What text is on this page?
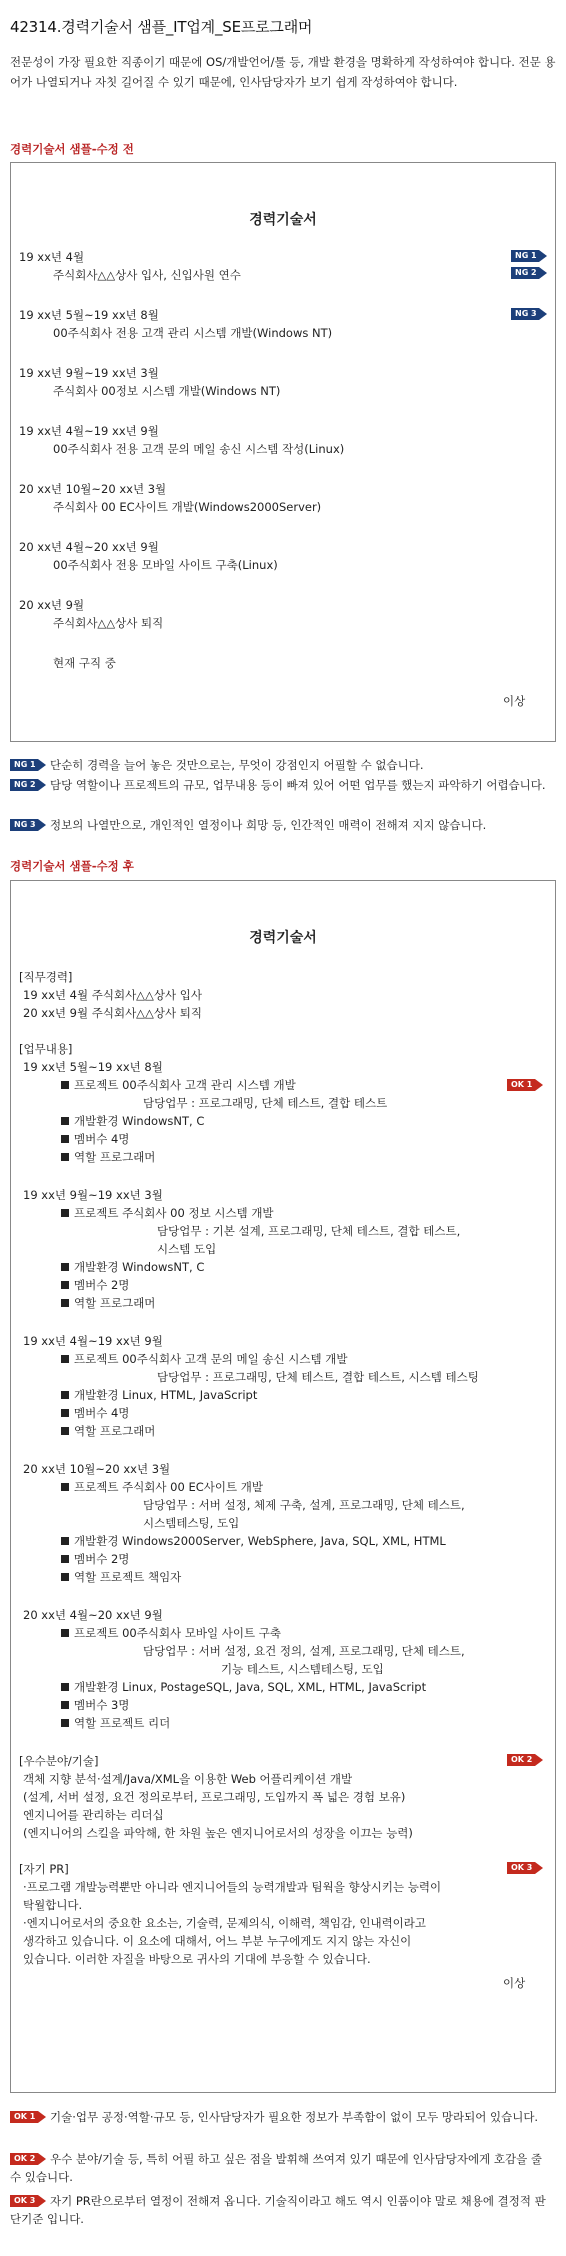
42314.경력기술서 샘플_IT업계_SE프로그래머
전문성이 가장 필요한 직종이기 때문에 OS/개발언어/툴 등, 개발 환경을 명확하게 작성하여야 합니다. 전문 용어가 나열되거나 자칫 길어질 수 있기 때문에, 인사담당자가 보기 쉽게 작성하여야 합니다.
경력기술서 샘플-수정 전
경력기술서
19 xx년 4월
주식회사△△상사 입사, 신입사원 연수
19 xx년 5월~19 xx년 8월
00주식회사 전용 고객 관리 시스템 개발(Windows NT)
19 xx년 9월~19 xx년 3월
주식회사 00정보 시스템 개발(Windows NT)
19 xx년 4월~19 xx년 9월
00주식회사 전용 고객 문의 메일 송신 시스템 작성(Linux)
20 xx년 10월~20 xx년 3월
주식회사 00 EC사이트 개발(Windows2000Server)
20 xx년 4월~20 xx년 9월
00주식회사 전용 모바일 사이트 구축(Linux)
20 xx년 9월
주식회사△△상사 퇴직
현재 구직 중
이상
NG 1
NG 2
NG 3
NG 1 단순히 경력을 늘어 놓은 것만으로는, 무엇이 강점인지 어필할 수 없습니다.
NG 2 담당 역할이나 프로젝트의 규모, 업무내용 등이 빠져 있어 어떤 업무를 했는지 파악하기 어렵습니다.
NG 3 정보의 나열만으로, 개인적인 열정이나 희망 등, 인간적인 매력이 전해져 지지 않습니다.
경력기술서 샘플-수정 후
경력기술서
[직무경력]
19 xx년 4월 주식회사△△상사 입사
20 xx년 9월 주식회사△△상사 퇴직
[업무내용]
19 xx년 5월~19 xx년 8월
프로젝트 00주식회사 고객 관리 시스템 개발
담당업무 : 프로그래밍, 단체 테스트, 결합 테스트
개발환경 WindowsNT, C
멤버수 4명
역할 프로그래머
19 xx년 9월~19 xx년 3월
프로젝트 주식회사 00 정보 시스템 개발
담당업무 : 기본 설계, 프로그래밍, 단체 테스트, 결합 테스트,
시스템 도입
개발환경 WindowsNT, C
멤버수 2명
역할 프로그래머
19 xx년 4월~19 xx년 9월
프로젝트 00주식회사 고객 문의 메일 송신 시스템 개발
담당업무 : 프로그래밍, 단체 테스트, 결합 테스트, 시스템 테스팅
개발환경 Linux, HTML, JavaScript
멤버수 4명
역할 프로그래머
20 xx년 10월~20 xx년 3월
프로젝트 주식회사 00 EC사이트 개발
담당업무 : 서버 설정, 체제 구축, 설계, 프로그래밍, 단체 테스트,
시스템테스팅, 도입
개발환경 Windows2000Server, WebSphere, Java, SQL, XML, HTML
멤버수 2명
역할 프로젝트 책임자
20 xx년 4월~20 xx년 9월
프로젝트 00주식회사 모바일 사이트 구축
담당업무 : 서버 설정, 요건 정의, 설계, 프로그래밍, 단체 테스트,
기능 테스트, 시스템테스팅, 도입
개발환경 Linux, PostageSQL, Java, SQL, XML, HTML, JavaScript
멤버수 3명
역할 프로젝트 리더
[우수분야/기술]
객체 지향 분석·설계/Java/XML을 이용한 Web 어플리케이션 개발
(설계, 서버 설정, 요건 정의로부터, 프로그래밍, 도입까지 폭 넓은 경험 보유)
엔지니어를 관리하는 리더십
(엔지니어의 스킬을 파악해, 한 차원 높은 엔지니어로서의 성장을 이끄는 능력)
[자기 PR]
·프로그램 개발능력뿐만 아니라 엔지니어들의 능력개발과 팀웍을 향상시키는 능력이
탁월합니다.
·엔지니어로서의 중요한 요소는, 기술력, 문제의식, 이해력, 책임감, 인내력이라고
생각하고 있습니다. 이 요소에 대해서, 어느 부분 누구에게도 지지 않는 자신이
있습니다. 이러한 자질을 바탕으로 귀사의 기대에 부응할 수 있습니다.
이상
OK 1
OK 2
OK 3
OK 1 기술·업무 공정·역할·규모 등, 인사담당자가 필요한 정보가 부족함이 없이 모두 망라되어 있습니다.
OK 2 우수 분야/기술 등, 특히 어필 하고 싶은 점을 발휘해 쓰여져 있기 때문에 인사담당자에게 호감을 줄 수 있습니다.
OK 3 자기 PR란으로부터 열정이 전해져 옵니다. 기술직이라고 해도 역시 인품이야 말로 채용에 결정적 판단기준 입니다.
